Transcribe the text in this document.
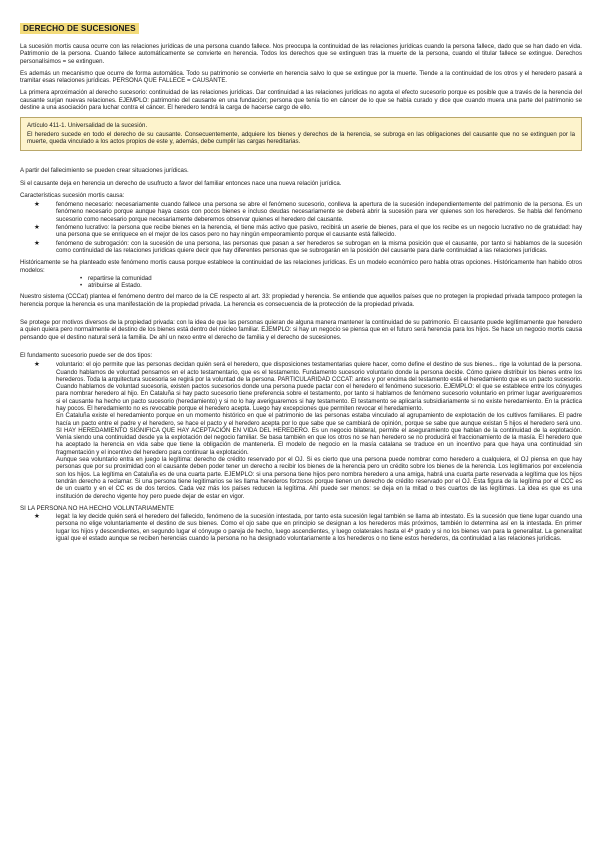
DERECHO DE SUCESIONES

La sucesión mortis causa ocurre con las relaciones jurídicas de una persona cuando fallece. Nos preocupa la continuidad de las relaciones jurídicas cuando la persona fallece, dado que se han dado en vida. Patrimonio de la persona. Cuando fallece automáticamente se convierte en herencia. Todos los derechos que se extinguen tras la muerte de la persona, cuando el titular fallece se extingue. Derechos personalísimos = se extinguen.

Es además un mecanismo que ocurre de forma automática. Todo su patrimonio se convierte en herencia salvo lo que se extingue por la muerte. Tiende a la continuidad de los otros y el heredero pasará a tramitar esas relaciones jurídicas. PERSONA QUE FALLECE = CAUSANTE.

La primera aproximación al derecho sucesorio: continuidad de las relaciones jurídicas. Dar continuidad a las relaciones jurídicas no agota el efecto sucesorio porque es posible que a través de la herencia del causante surjan nuevas relaciones. EJEMPLO: patrimonio del causante en una fundación; persona que tenía tío en cáncer de lo que se había curado y dice que cuando muera una parte del patrimonio se destine a una asociación para luchar contra el cáncer. El heredero tendrá la carga de hacerse cargo de ello.

Artículo 411-1. Universalidad de la sucesión.

El heredero sucede en todo el derecho de su causante. Consecuentemente, adquiere los bienes y derechos de la herencia, se subroga en las obligaciones del causante que no se extinguen por la muerte, queda vinculado a los actos propios de este y, además, debe cumplir las cargas hereditarias.

A partir del fallecimiento se pueden crear situaciones jurídicas.

Si el causante deja en herencia un derecho de usufructo a favor del familiar entonces nace una nueva relación jurídica.

Características sucesión mortis causa:

★	fenómeno necesario: necesariamente cuando fallece una persona se abre el fenómeno sucesorio, conlleva la apertura de la sucesión independientemente del patrimonio de la persona. Es un fenómeno necesario porque aunque haya casos con pocos bienes e incluso deudas necesariamente se deberá abrir la sucesión para ver quienes son los herederos. Se habla del fenómeno sucesorio como necesario porque necesariamente deberemos observar quienes el heredero del causante.
★	fenómeno lucrativo: la persona que recibe bienes en la herencia, el tiene más activo que pasivo, recibirá un aserie de bienes, para el que los recibe es un negocio lucrativo no de gratuidad: hay una persona que se enriquece en el mejor de los casos pero no hay ningún empeoramiento porque el causante está fallecido.
★	fenómeno de subrogación: con la sucesión de una persona, las personas que pasan a ser herederos se subrogan en la misma posición que el causante, por tanto si hablamos de la sucesión como continuidad de las relaciones jurídicas quiere decir que hay diferentes personas que se subrogarán en la posición del causante para darle continuidad a las relaciones jurídicas.

Históricamente se ha planteado este fenómeno mortis causa porque establece la continuidad de las relaciones jurídicas. Es un modelo económico pero habla otras opciones. Históricamente han habido otros modelos:

• repartirse la comunidad
• atribuirse al Estado.

Nuestro sistema (CCCat) plantea el fenómeno dentro del marco de la CE respecto al art. 33: propiedad y herencia. Se entiende que aquellos países que no protegen la propiedad privada tampoco protegen la herencia porque la herencia es una manifestación de la propiedad privada. La herencia es consecuencia de la protección de la propiedad privada.

Se protege por motivos diversos de la propiedad privada: con la idea de que las personas quieran de alguna manera mantener la continuidad de su patrimonio. El causante puede legítimamente que heredero a quien quiera pero normalmente el destino de los bienes está dentro del núcleo familiar. EJEMPLO: si hay un negocio se piensa que en el futuro será herencia para los hijos. Se hace un negocio mortis causa pensando que el destino natural será la familia. De ahí un nexo entre el derecho de familia y el derecho de sucesiones.

El fundamento sucesorio puede ser de dos tipos:

★	voluntario: el ojo permite que las personas decidan quién será el heredero, que disposiciones testamentarias quiere hacer, como define el destino de sus bienes... rige la voluntad de la persona. Cuando hablamos de voluntad pensamos en el acto testamentario, que es el testamento. Fundamento sucesorio voluntario donde la persona decide. Cómo quiere distribuir los bienes entre los herederos. Toda la arquitectura sucesoria se regirá por la voluntad de la persona. PARTICULARIDAD CCCAT: antes y por encima del testamento está el heredamiento que es un pacto sucesorio. Cuando hablamos de voluntad sucesoria, existen pactos sucesorios donde una persona puede pactar con el heredero el fenómeno sucesorio. EJEMPLO: el que se establece entre los cónyuges para nombrar heredero al hijo. En Cataluña si hay pacto sucesorio tiene preferencia sobre el testamento, por tanto si hablamos de fenómeno sucesorio voluntario en primer lugar averiguaremos si el causante ha hecho un pacto sucesorio (heredamiento) y si no lo hay averiguaremos si hay testamento. El testamento se aplicaría subsidiariamente si no existe heredamiento. En la práctica hay pocos. El heredamiento no es revocable porque el heredero acepta. Luego hay excepciones que permiten revocar el heredamiento.
En Cataluña existe el heredamiento porque en un momento histórico en que el patrimonio de las personas estaba vinculado al agrupamiento de explotación de los cultivos familiares. El padre hacía un pacto entre el padre y el heredero, se hace el pacto y el heredero acepta por lo que sabe que se cambiará de opinión, porque se sabe que aunque existan 5 hijos el heredero será uno. SI HAY HEREDAMIENTO SIGNIFICA QUE HAY ACEPTACIÓN EN VIDA DEL HEREDERO. Es un negocio bilateral, permite el aseguramiento que hablan de la continuidad de la explotación. Venía siendo una continuidad desde ya la explotación del negocio familiar. Se basa también en que los otros no se han heredero se no producirá el fraccionamiento de la masía. El heredero que ha aceptado la herencia en vida sabe que tiene la obligación de mantenerla. El modelo de negocio en la masía catalana se traduce en un incentivo para que haya una continuidad sin fragmentación y el incentivo del heredero para continuar la explotación.
Aunque sea voluntario entra en juego la legítima: derecho de crédito reservado por el OJ. Si es cierto que una persona puede nombrar como heredero a cualquiera, el OJ piensa en que hay personas que por su proximidad con el causante deben poder tener un derecho a recibir los bienes de la herencia pero un crédito sobre los bienes de la herencia. Los legitimarios por excelencia son los hijos. La legítima en Cataluña es de una cuarta parte. EJEMPLO: si una persona tiene hijos pero nombra heredero a una amiga, habrá una cuarta parte reservada a legítima que los hijos tendrán derecho a reclamar. Si una persona tiene legitimarios se les llama herederos forzosos porque tienen un derecho de crédito reservado por el OJ. Esta figura de la legítima por el CCC es de un cuarto y en el CC es de dos tercios. Cada vez más los países reducen la legítima. Ahí puede ser menos: se deja en la mitad o tres cuartos de las legítimas. La idea es que es una institución de derecho vigente hoy pero puede dejar de estar en vigor.

SI LA PERSONA NO HA HECHO VOLUNTARIAMENTE

★	legal: la ley decide quién será el heredero del fallecido, fenómeno de la sucesión intestada, por tanto esta sucesión legal también se llama ab intestato. Es la sucesión que tiene lugar cuando una persona no elige voluntariamente el destino de sus bienes. Como el ojo sabe que en principio se designan a los herederos más próximos, también lo determina así en la intestada. En primer lugar los hijos y descendientes, en segundo lugar el cónyuge o pareja de hecho, luego ascendientes, y luego colaterales hasta el 4º grado y si no los bienes van para la generalitat. La generalitat igual que el estado aunque se reciben herencias cuando la persona no ha designado voluntariamente a los herederos o no tiene estos herederos, da continuidad a las relaciones jurídicas.
